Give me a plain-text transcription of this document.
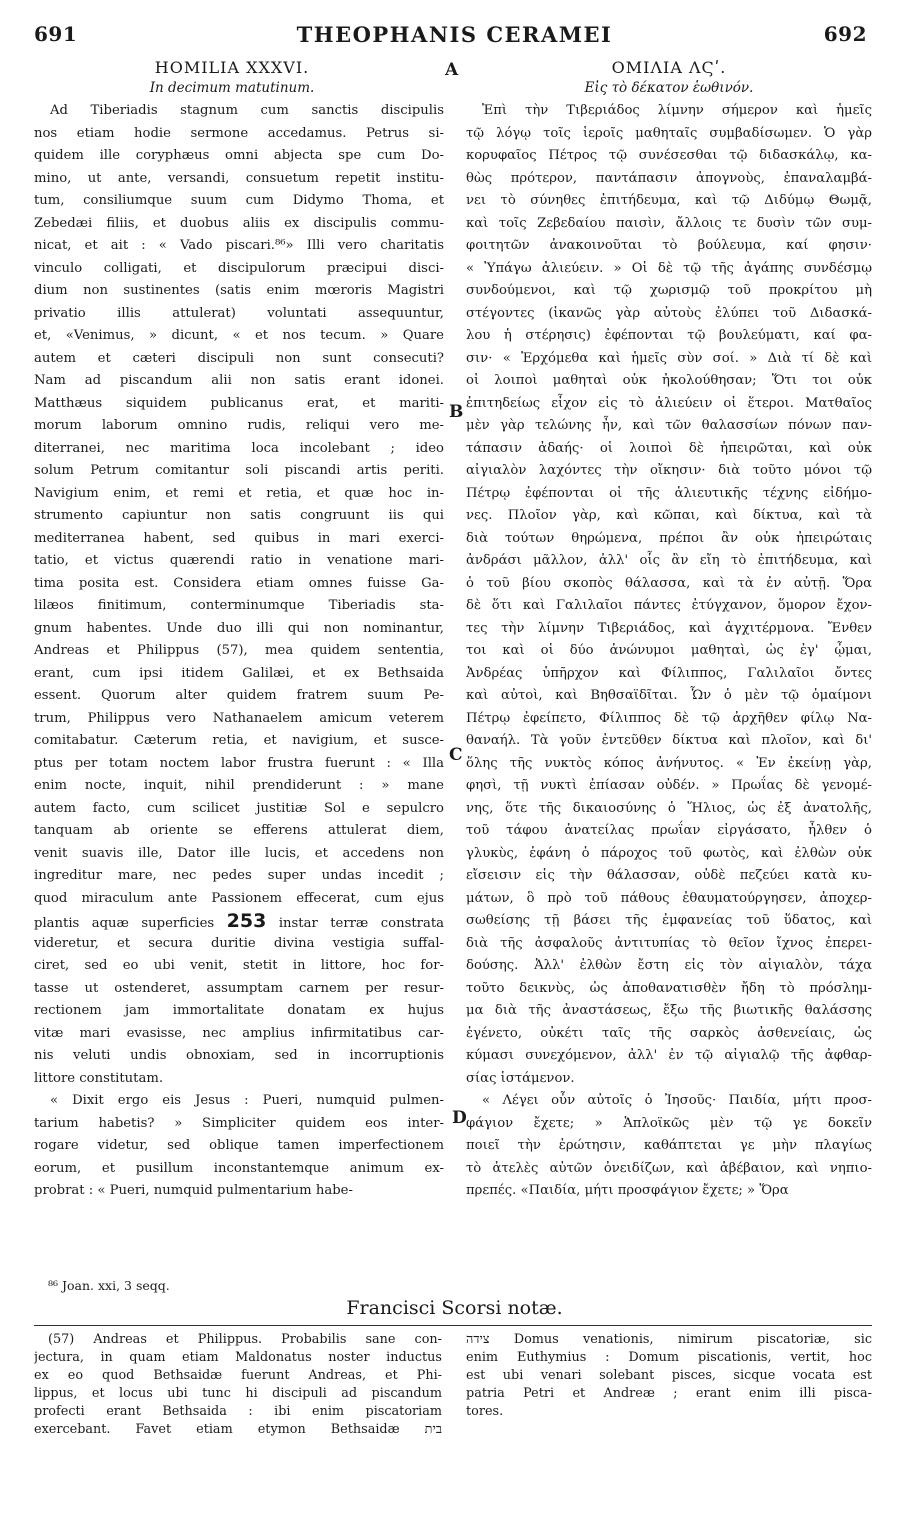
691	THEOPHANIS CERAMEI	692
HOMILIA XXXVI.
In decimum matutinum.
ΟΜΙΛΙΑ ΛϚʹ.
Εἰς τὸ δέκατον ἑωθινόν.
Ad Tiberiadis stagnum cum sanctis discipulis
nos etiam hodie sermone accedamus. Petrus si-
quidem ille coryphæus omni abjecta spe cum Do-
mino, ut ante, versandi, consuetum repetit institu-
tum, consiliumque suum cum Didymo Thoma, et
Zebedæi filiis, et duobus aliis ex discipulis commu-
nicat, et ait : « Vado piscari.⁸⁶» Illi vero charitatis
vinculo colligati, et discipulorum præcipui disci-
dium non sustinentes (satis enim mœroris Magistri
privatio illis attulerat) voluntati assequuntur,
et, «Venimus, » dicunt, « et nos tecum. » Quare
autem et cæteri discipuli non sunt consecuti?
Nam ad piscandum alii non satis erant idonei.
Matthæus siquidem publicanus erat, et mariti-
morum laborum omnino rudis, reliqui vero me-
diterranei, nec maritima loca incolebant ; ideo
solum Petrum comitantur soli piscandi artis periti.
Navigium enim, et remi et retia, et quæ hoc in-
strumento capiuntur non satis congruunt iis qui
mediterranea habent, sed quibus in mari exerci-
tatio, et victus quærendi ratio in venatione mari-
tima posita est. Considera etiam omnes fuisse Ga-
lilæos finitimum, conterminumque Tiberiadis sta-
gnum habentes. Unde duo illi qui non nominantur,
Andreas et Philippus (57), mea quidem sententia,
erant, cum ipsi itidem Galilæi, et ex Bethsaida
essent. Quorum alter quidem fratrem suum Pe-
trum, Philippus vero Nathanaelem amicum veterem
comitabatur. Cæterum retia, et navigium, et susce-
ptus per totam noctem labor frustra fuerunt : « Illa
enim nocte, inquit, nihil prendiderunt : » mane
autem facto, cum scilicet justitiæ Sol e sepulcro
tanquam ab oriente se efferens attulerat diem,
venit suavis ille, Dator ille lucis, et accedens non
ingreditur mare, nec pedes super undas incedit ;
quod miraculum ante Passionem effecerat, cum ejus
plantis aquæ superficies 253 instar terræ constrata
videretur, et secura duritie divina vestigia suffal-
ciret, sed eo ubi venit, stetit in littore, hoc for-
tasse ut ostenderet, assumptam carnem per resur-
rectionem jam immortalitate donatam ex hujus
vitæ mari evasisse, nec amplius infirmitatibus car-
nis veluti undis obnoxiam, sed in incorruptionis
littore constitutam.
« Dixit ergo eis Jesus : Pueri, numquid pulmen-
tarium habetis? » Simpliciter quidem eos inter-
rogare videtur, sed oblique tamen imperfectionem
eorum, et pusillum inconstantemque animum ex-
probrat : « Pueri, numquid pulmentarium habe-
Ἐπὶ τὴν Τιβεριάδος λίμνην σήμερον καὶ ἡμεῖς
τῷ λόγῳ τοῖς ἱεροῖς μαθηταῖς συμβαδίσωμεν. Ὁ γὰρ
κορυφαῖος Πέτρος τῷ συνέσεσθαι τῷ διδασκάλῳ, κα-
θὼς πρότερον, παντάπασιν ἀπογνοὺς, ἐπαναλαμβά-
νει τὸ σύνηθες ἐπιτήδευμα, καὶ τῷ Διδύμῳ Θωμᾷ,
καὶ τοῖς Ζεβεδαίου παισὶν, ἄλλοις τε δυσὶν τῶν συμ-
φοιτητῶν ἀνακοινοῦται τὸ βούλευμα, καί φησιν·
« Ὑπάγω ἁλιεύειν. » Οἱ δὲ τῷ τῆς ἀγάπης συνδέσμῳ
συνδούμενοι, καὶ τῷ χωρισμῷ τοῦ προκρίτου μὴ
στέγοντες (ἱκανῶς γὰρ αὐτοὺς ἐλύπει τοῦ Διδασκά-
λου ἡ στέρησις) ἐφέπονται τῷ βουλεύματι, καί φα-
σιν· « Ἐρχόμεθα καὶ ἡμεῖς σὺν σοί. » Διὰ τί δὲ καὶ
οἱ λοιποὶ μαθηταὶ οὐκ ἠκολούθησαν; Ὅτι τοι οὐκ
ἐπιτηδείως εἶχον εἰς τὸ ἁλιεύειν οἱ ἕτεροι. Ματθαῖος
μὲν γὰρ τελώνης ἦν, καὶ τῶν θαλασσίων πόνων παν-
τάπασιν ἀδαής· οἱ λοιποὶ δὲ ἠπειρῶται, καὶ οὐκ
αἰγιαλὸν λαχόντες τὴν οἴκησιν· διὰ τοῦτο μόνοι τῷ
Πέτρῳ ἐφέπονται οἱ τῆς ἁλιευτικῆς τέχνης εἰδήμο-
νες. Πλοῖον γὰρ, καὶ κῶπαι, καὶ δίκτυα, καὶ τὰ
διὰ τούτων θηρώμενα, πρέποι ἂν οὐκ ἠπειρώταις
ἀνδράσι μᾶλλον, ἀλλ' οἷς ἂν εἴη τὸ ἐπιτήδευμα, καὶ
ὁ τοῦ βίου σκοπὸς θάλασσα, καὶ τὰ ἐν αὐτῇ. Ὅρα
δὲ ὅτι καὶ Γαλιλαῖοι πάντες ἐτύγχανον, ὅμορον ἔχον-
τες τὴν λίμνην Τιβεριάδος, καὶ ἀγχιτέρμονα. Ἔνθεν
τοι καὶ οἱ δύο ἀνώνυμοι μαθηταὶ, ὡς ἐγ' ᾦμαι,
Ἀνδρέας ὑπῆρχον καὶ Φίλιππος, Γαλιλαῖοι ὄντες
καὶ αὐτοὶ, καὶ Βηθσαϊδῖται. Ὧν ὁ μὲν τῷ ὁμαίμονι
Πέτρῳ ἐφείπετο, Φίλιππος δὲ τῷ ἀρχῆθεν φίλῳ Να-
θαναήλ. Τὰ γοῦν ἐντεῦθεν δίκτυα καὶ πλοῖον, καὶ δι'
ὅλης τῆς νυκτὸς κόπος ἀνήνυτος. « Ἐν ἐκείνῃ γὰρ,
φησὶ, τῇ νυκτὶ ἐπίασαν οὐδέν. » Πρωΐας δὲ γενομέ-
νης, ὅτε τῆς δικαιοσύνης ὁ Ἥλιος, ὡς ἐξ ἀνατολῆς,
τοῦ τάφου ἀνατείλας πρωΐαν εἰργάσατο, ἦλθεν ὁ
γλυκὺς, ἐφάνη ὁ πάροχος τοῦ φωτὸς, καὶ ἐλθὼν οὐκ
εἴσεισιν εἰς τὴν θάλασσαν, οὐδὲ πεζεύει κατὰ κυ-
μάτων, ὃ πρὸ τοῦ πάθους ἐθαυματούργησεν, ἀποχερ-
σωθείσης τῇ βάσει τῆς ἐμφανείας τοῦ ὕδατος, καὶ
διὰ τῆς ἀσφαλοῦς ἀντιτυπίας τὸ θεῖον ἴχνος ἐπερει-
δούσης. Ἀλλ' ἐλθὼν ἔστη εἰς τὸν αἰγιαλὸν, τάχα
τοῦτο δεικνὺς, ὡς ἀποθανατισθὲν ἤδη τὸ πρόσλημ-
μα διὰ τῆς ἀναστάσεως, ἔξω τῆς βιωτικῆς θαλάσσης
ἐγένετο, οὐκέτι ταῖς τῆς σαρκὸς ἀσθενείαις, ὡς
κύμασι συνεχόμενον, ἀλλ' ἐν τῷ αἰγιαλῷ τῆς ἀφθαρ-
σίας ἱστάμενον.
« Λέγει οὖν αὐτοῖς ὁ Ἰησοῦς· Παιδία, μήτι προσ-
φάγιον ἔχετε; » Ἁπλοϊκῶς μὲν τῷ γε δοκεῖν
ποιεῖ τὴν ἐρώτησιν, καθάπτεται γε μὴν πλαγίως
τὸ ἀτελὲς αὐτῶν ὀνειδίζων, καὶ ἀβέβαιον, καὶ νηπιο-
πρεπές. «Παιδία, μήτι προσφάγιον ἔχετε; » Ὅρα
A
B
C
D
⁸⁶ Joan. xxi, 3 seqq.
Francisci Scorsi notæ.
(57) Andreas et Philippus. Probabilis sane con-
jectura, in quam etiam Maldonatus noster inductus
ex eo quod Bethsaidæ fuerunt Andreas, et Phi-
lippus, et locus ubi tunc hi discipuli ad piscandum
profecti erant Bethsaida : ibi enim piscatoriam
exercebant. Favet etiam etymon Bethsaidæ בית
צידה Domus venationis, nimirum piscatoriæ, sic
enim Euthymius : Domum piscationis, vertit, hoc
est ubi venari solebant pisces, sicque vocata est
patria Petri et Andreæ ; erant enim illi pisca-
tores.
